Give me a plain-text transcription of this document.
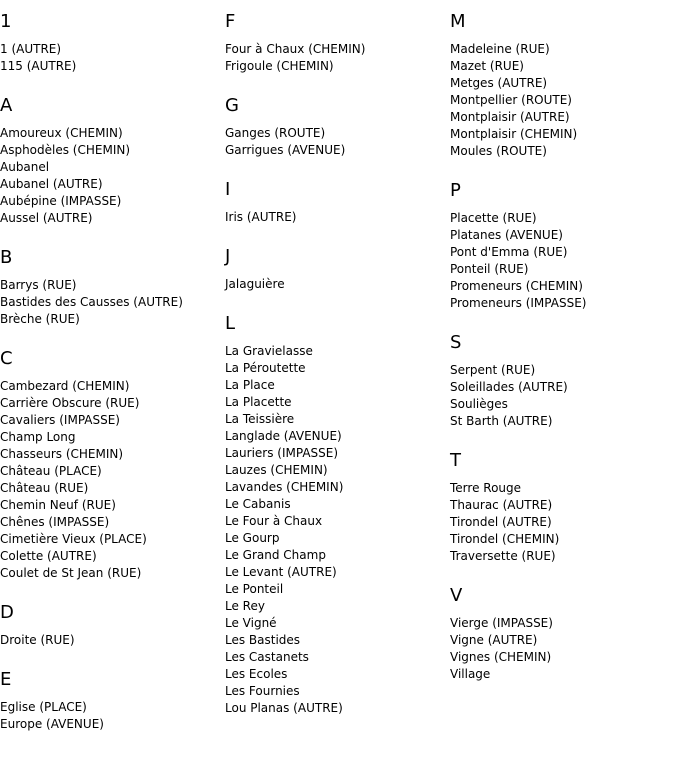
1
1 (AUTRE)
115 (AUTRE)
A
Amoureux (CHEMIN)
Asphodèles (CHEMIN)
Aubanel
Aubanel (AUTRE)
Aubépine (IMPASSE)
Aussel (AUTRE)
B
Barrys (RUE)
Bastides des Causses (AUTRE)
Brèche (RUE)
C
Cambezard (CHEMIN)
Carrière Obscure (RUE)
Cavaliers (IMPASSE)
Champ Long
Chasseurs (CHEMIN)
Château (PLACE)
Château (RUE)
Chemin Neuf (RUE)
Chênes (IMPASSE)
Cimetière Vieux (PLACE)
Colette (AUTRE)
Coulet de St Jean (RUE)
D
Droite (RUE)
E
Eglise (PLACE)
Europe (AVENUE)
F
Four à Chaux (CHEMIN)
Frigoule (CHEMIN)
G
Ganges (ROUTE)
Garrigues (AVENUE)
I
Iris (AUTRE)
J
Jalaguière
L
La Gravielasse
La Péroutette
La Place
La Placette
La Teissière
Langlade (AVENUE)
Lauriers (IMPASSE)
Lauzes (CHEMIN)
Lavandes (CHEMIN)
Le Cabanis
Le Four à Chaux
Le Gourp
Le Grand Champ
Le Levant (AUTRE)
Le Ponteil
Le Rey
Le Vigné
Les Bastides
Les Castanets
Les Ecoles
Les Fournies
Lou Planas (AUTRE)
M
Madeleine (RUE)
Mazet (RUE)
Metges (AUTRE)
Montpellier (ROUTE)
Montplaisir (AUTRE)
Montplaisir (CHEMIN)
Moules (ROUTE)
P
Placette (RUE)
Platanes (AVENUE)
Pont d'Emma (RUE)
Ponteil (RUE)
Promeneurs (CHEMIN)
Promeneurs (IMPASSE)
S
Serpent (RUE)
Soleillades (AUTRE)
Soulièges
St Barth (AUTRE)
T
Terre Rouge
Thaurac (AUTRE)
Tirondel (AUTRE)
Tirondel (CHEMIN)
Traversette (RUE)
V
Vierge (IMPASSE)
Vigne (AUTRE)
Vignes (CHEMIN)
Village
